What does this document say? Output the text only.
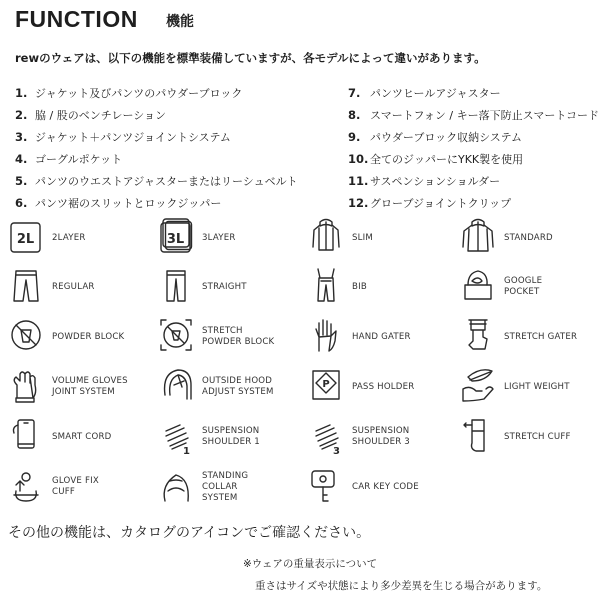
FUNCTION 機能
rewのウェアは、以下の機能を標準装備していますが、各モデルによって違いがあります。
1. ジャケット及びパンツのパウダーブロック
2. 脇 / 股のベンチレーション
3. ジャケット＋パンツジョイントシステム
4. ゴーグルポケット
5. パンツのウエストアジャスターまたはリーシュベルト
6. パンツ裾のスリットとロックジッパー
7. パンツヒールアジャスター
8. スマートフォン / キー落下防止スマートコード
9. パウダーブロック収納システム
10. 全てのジッパーにYKK製を使用
11. サスペンションショルダー
12. グローブジョイントクリップ
2L 2LAYER	3L 3LAYER	SLIM	STANDARD
REGULAR	STRAIGHT	BIB
GOOGLE
POCKET
POWDER BLOCK
STRETCH
POWDER BLOCK
HAND GATER	STRETCH GATER
VOLUME GLOVES
JOINT SYSTEM
OUTSIDE HOOD
ADJUST SYSTEM
P	PASS HOLDER	LIGHT WEIGHT
SMART CORD
1
SUSPENSION
SHOULDER 1
3
SUSPENSION
SHOULDER 3
STRETCH CUFF
GLOVE FIX
CUFF
STANDING
COLLAR
SYSTEM
CAR KEY CODE
その他の機能は、カタログのアイコンでご確認ください。
※ウェアの重量表示について
重さはサイズや状態により多少差異を生じる場合があります。
